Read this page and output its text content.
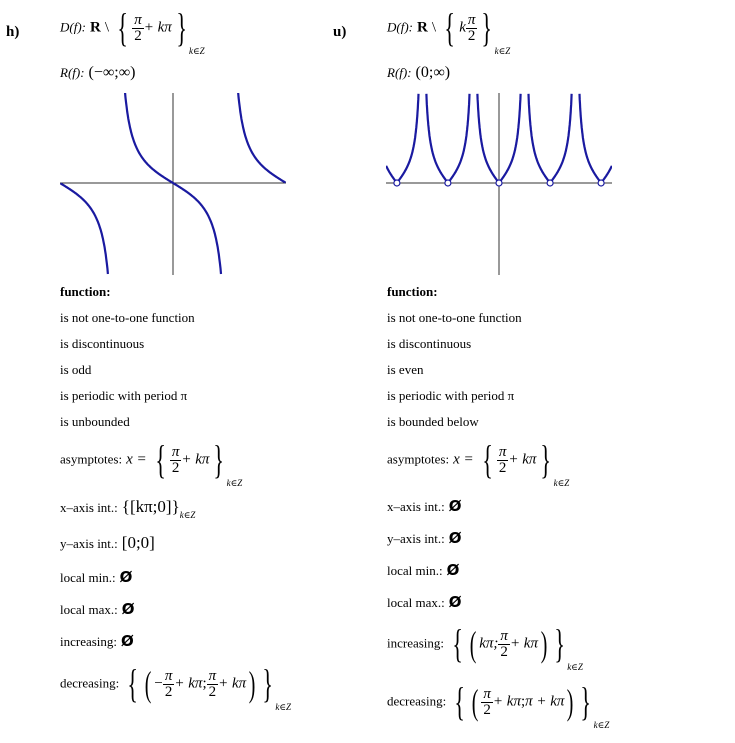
h)	D(f): R \ { $\frac{\pi}{2} + k\pi$ }k∈Z
R(f): (−∞;∞)
function:
is not one-to-one function
is discontinuous
is odd
is periodic with period π
is unbounded
asymptotes: x = { $\frac{\pi}{2} + k\pi$ }k∈Z
x–axis int.: $\{[k\pi;0]\}_{k\in Z}$
y–axis int.: [0;0]
local min.: Ø
local max.: Ø
increasing: Ø
decreasing: { ( − $\frac{\pi}{2} + k\pi$; $\frac{\pi}{2} + k\pi$) }k∈Z
u)	D(f): R \ { k $\frac{\pi}{2}$ }k∈Z
R(f): (0;∞)
function:
is not one-to-one function
is discontinuous
is even
is periodic with period π
is bounded below
asymptotes: x = { $\frac{\pi}{2} + k\pi$ }k∈Z
x–axis int.: Ø
y–axis int.: Ø
local min.: Ø
local max.: Ø
increasing: { ( kπ; $\frac{\pi}{2} + k\pi$) }k∈Z
decreasing: { ( $\frac{\pi}{2}$ + kπ;π + kπ) }k∈Z
